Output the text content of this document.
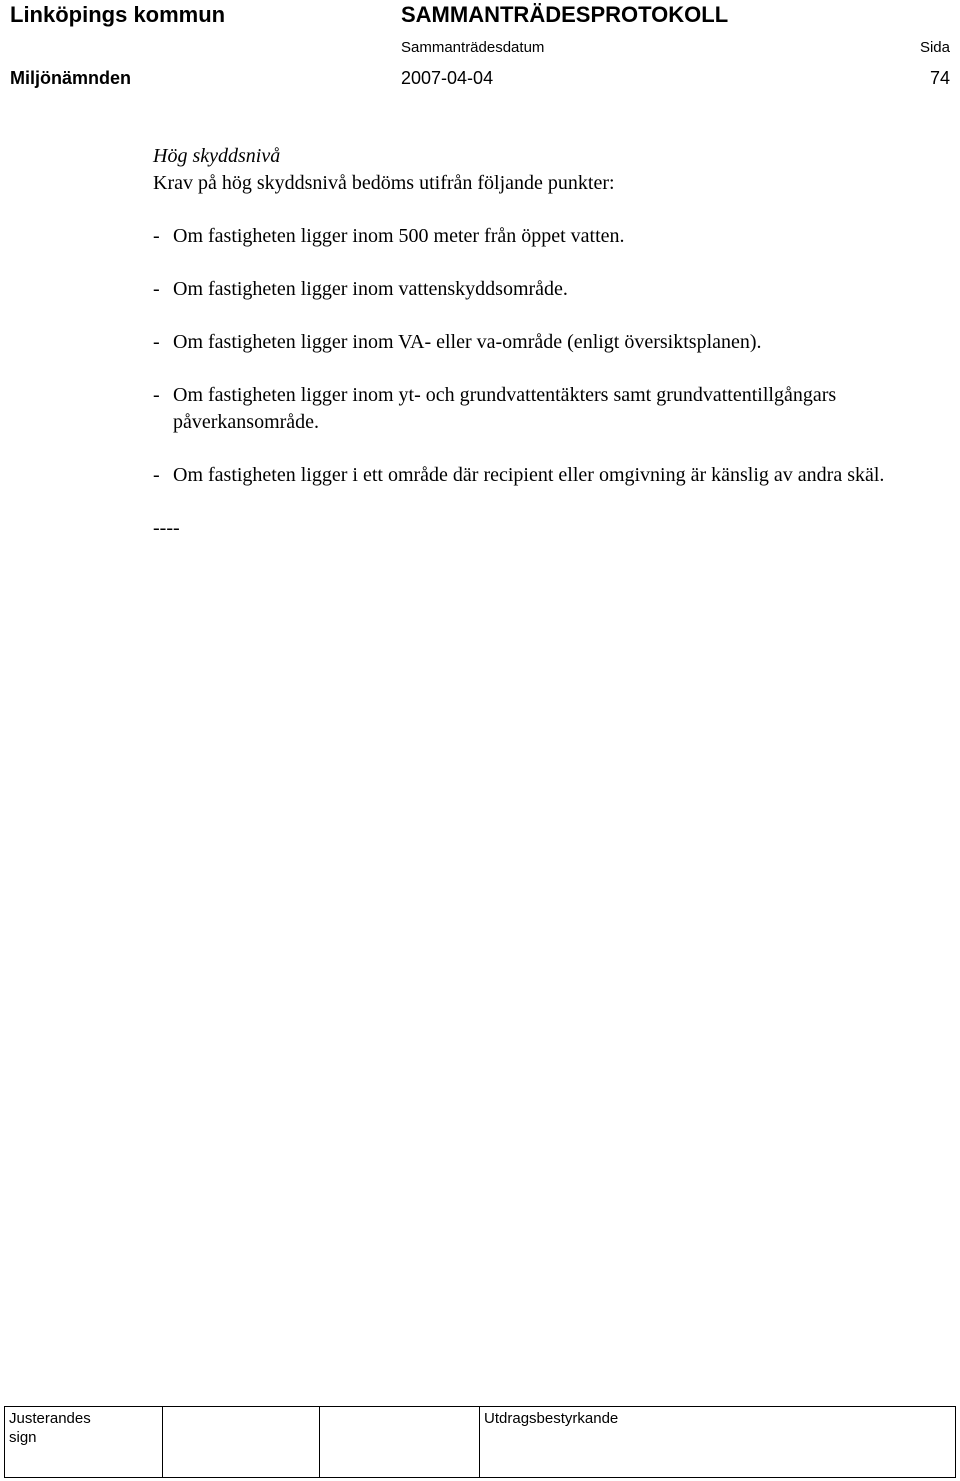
Linköpings kommun	SAMMANTRÄDESPROTOKOLL
Sammanträdesdatum	Sida
Miljönämnden	2007-04-04	74
Hög skyddsnivå
Krav på hög skyddsnivå bedöms utifrån följande punkter:
- Om fastigheten ligger inom 500 meter från öppet vatten.
- Om fastigheten ligger inom vattenskyddsområde.
- Om fastigheten ligger inom VA- eller va-område (enligt översiktsplanen).
- Om fastigheten ligger inom yt- och grundvattentäkters samt grundvattentillgångars påverkansområde.
- Om fastigheten ligger i ett område där recipient eller omgivning är känslig av andra skäl.
----
Justerandes sign
Utdragsbestyrkande
